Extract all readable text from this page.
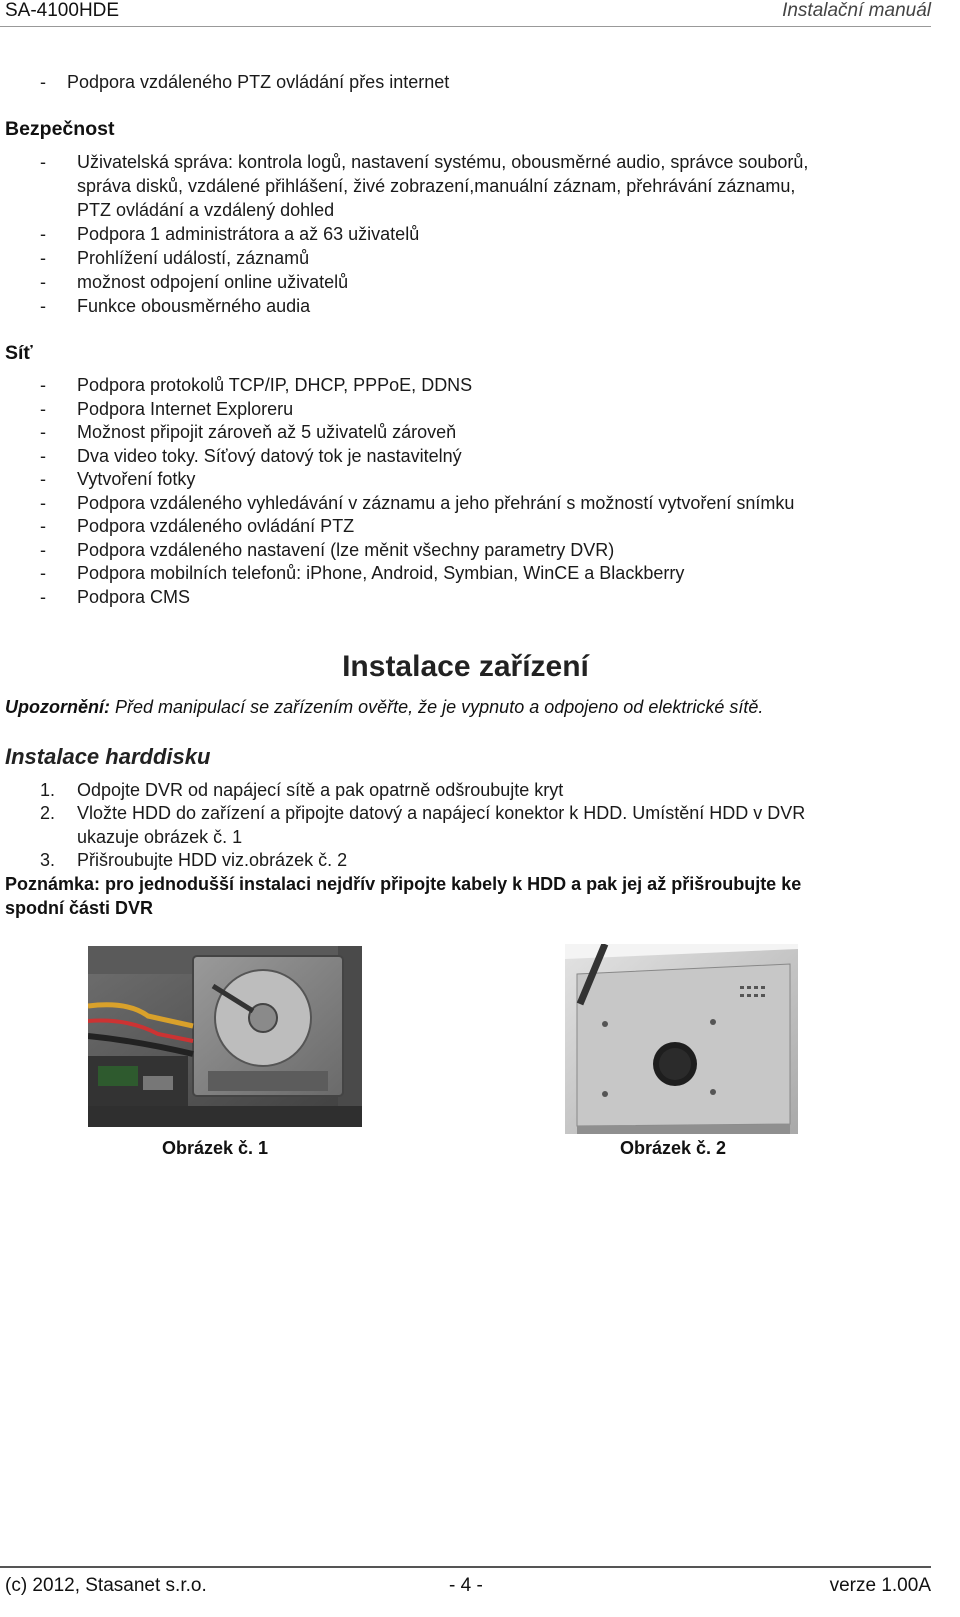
SA-4100HDE	Instalační manuál
- Podpora vzdáleného PTZ ovládání přes internet
Bezpečnost
- Uživatelská správa: kontrola logů, nastavení systému, obousměrné audio, správce souborů,
správa disků, vzdálené přihlášení, živé zobrazení,manuální záznam, přehrávání záznamu,
PTZ ovládání a vzdálený dohled
- Podpora 1 administrátora a až 63 uživatelů
- Prohlížení událostí, záznamů
- možnost odpojení online uživatelů
- Funkce obousměrného audia
Síť
- Podpora protokolů TCP/IP, DHCP, PPPoE, DDNS
- Podpora Internet Exploreru
- Možnost připojit zároveň až 5 uživatelů zároveň
- Dva video toky. Síťový datový tok je nastavitelný
- Vytvoření fotky
- Podpora vzdáleného vyhledávání v záznamu a jeho přehrání s možností vytvoření snímku
- Podpora vzdáleného ovládání PTZ
- Podpora vzdáleného nastavení (lze měnit všechny parametry DVR)
- Podpora mobilních telefonů: iPhone, Android, Symbian, WinCE a Blackberry
- Podpora CMS
Instalace zařízení
Upozornění: Před manipulací se zařízením ověřte, že je vypnuto a odpojeno od elektrické sítě.
Instalace harddisku
1. Odpojte DVR od napájecí sítě a pak opatrně odšroubujte kryt
2. Vložte HDD do zařízení a připojte datový a napájecí konektor k HDD. Umístění HDD v DVR
ukazuje obrázek č. 1
3. Přišroubujte HDD viz.obrázek č. 2
Poznámka: pro jednodušší instalaci nejdřív připojte kabely k HDD a pak jej až přišroubujte ke
spodní části DVR
Obrázek č. 1	Obrázek č. 2
(c) 2012, Stasanet s.r.o.	- 4 -	verze 1.00A
